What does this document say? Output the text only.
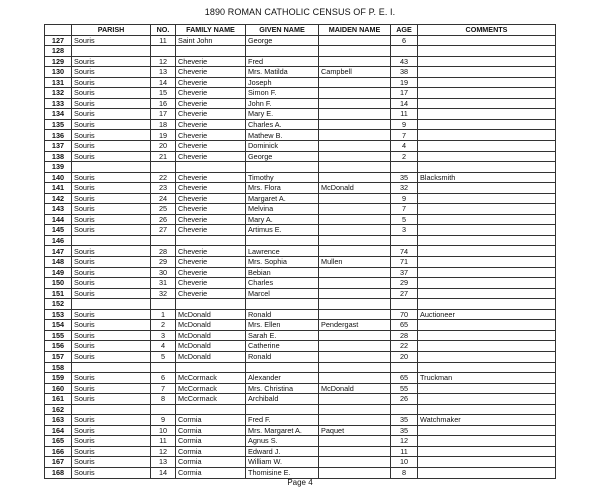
1890 ROMAN CATHOLIC CENSUS OF P. E. I.
	PARISH	NO.	FAMILY NAME	GIVEN NAME	MAIDEN NAME	AGE	COMMENTS
127	Souris	11	Saint John	George		6	
128							
129	Souris	12	Cheverie	Fred		43	
130	Souris	13	Cheverie	Mrs. Matilda	Campbell	38	
131	Souris	14	Cheverie	Joseph		19	
132	Souris	15	Cheverie	Simon F.		17	
133	Souris	16	Cheverie	John F.		14	
134	Souris	17	Cheverie	Mary E.		11	
135	Souris	18	Cheverie	Charles A.		9	
136	Souris	19	Cheverie	Mathew B.		7	
137	Souris	20	Cheverie	Dominick		4	
138	Souris	21	Cheverie	George		2	
139							
140	Souris	22	Cheverie	Timothy		35	Blacksmith
141	Souris	23	Cheverie	Mrs. Flora	McDonald	32	
142	Souris	24	Cheverie	Margaret A.		9	
143	Souris	25	Cheverie	Melvina		7	
144	Souris	26	Cheverie	Mary A.		5	
145	Souris	27	Cheverie	Artimus E.		3	
146							
147	Souris	28	Cheverie	Lawrence		74	
148	Souris	29	Cheverie	Mrs. Sophia	Mullen	71	
149	Souris	30	Cheverie	Bebian		37	
150	Souris	31	Cheverie	Charles		29	
151	Souris	32	Cheverie	Marcel		27	
152							
153	Souris	1	McDonald	Ronald		70	Auctioneer
154	Souris	2	McDonald	Mrs. Ellen	Pendergast	65	
155	Souris	3	McDonald	Sarah E.		28	
156	Souris	4	McDonald	Catherine		22	
157	Souris	5	McDonald	Ronald		20	
158							
159	Souris	6	McCormack	Alexander		65	Truckman
160	Souris	7	McCormack	Mrs. Christina	McDonald	55	
161	Souris	8	McCormack	Archibald		26	
162							
163	Souris	9	Cormia	Fred F.		35	Watchmaker
164	Souris	10	Cormia	Mrs. Margaret A.	Paquet	35	
165	Souris	11	Cormia	Agnus S.		12	
166	Souris	12	Cormia	Edward J.		11	
167	Souris	13	Cormia	William W.		10	
168	Souris	14	Cormia	Thomisine E.		8	
Page 4
